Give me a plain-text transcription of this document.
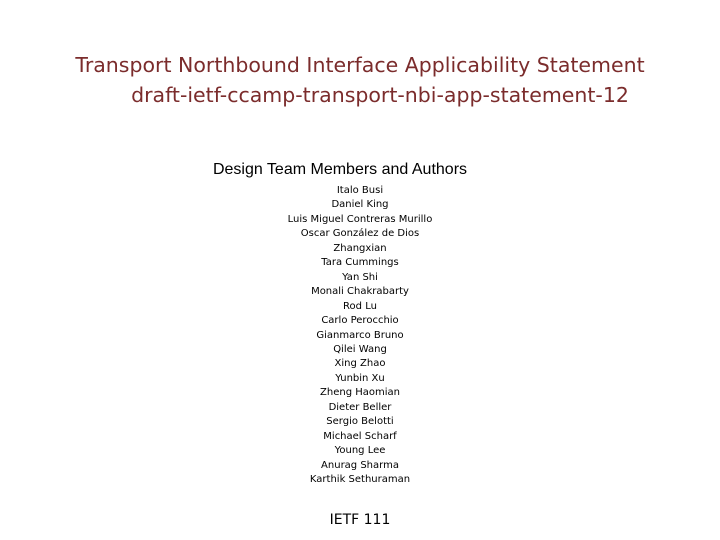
Transport Northbound Interface Applicability Statement
draft-ietf-ccamp-transport-nbi-app-statement-12
Design Team Members and Authors
Italo Busi
Daniel King
Luis Miguel Contreras Murillo
Oscar González de Dios
Zhangxian
Tara Cummings
Yan Shi
Monali Chakrabarty
Rod Lu
Carlo Perocchio
Gianmarco Bruno
Qilei Wang
Xing Zhao
Yunbin Xu
Zheng Haomian
Dieter Beller
Sergio Belotti
Michael Scharf
Young Lee
Anurag Sharma
Karthik Sethuraman
IETF 111
